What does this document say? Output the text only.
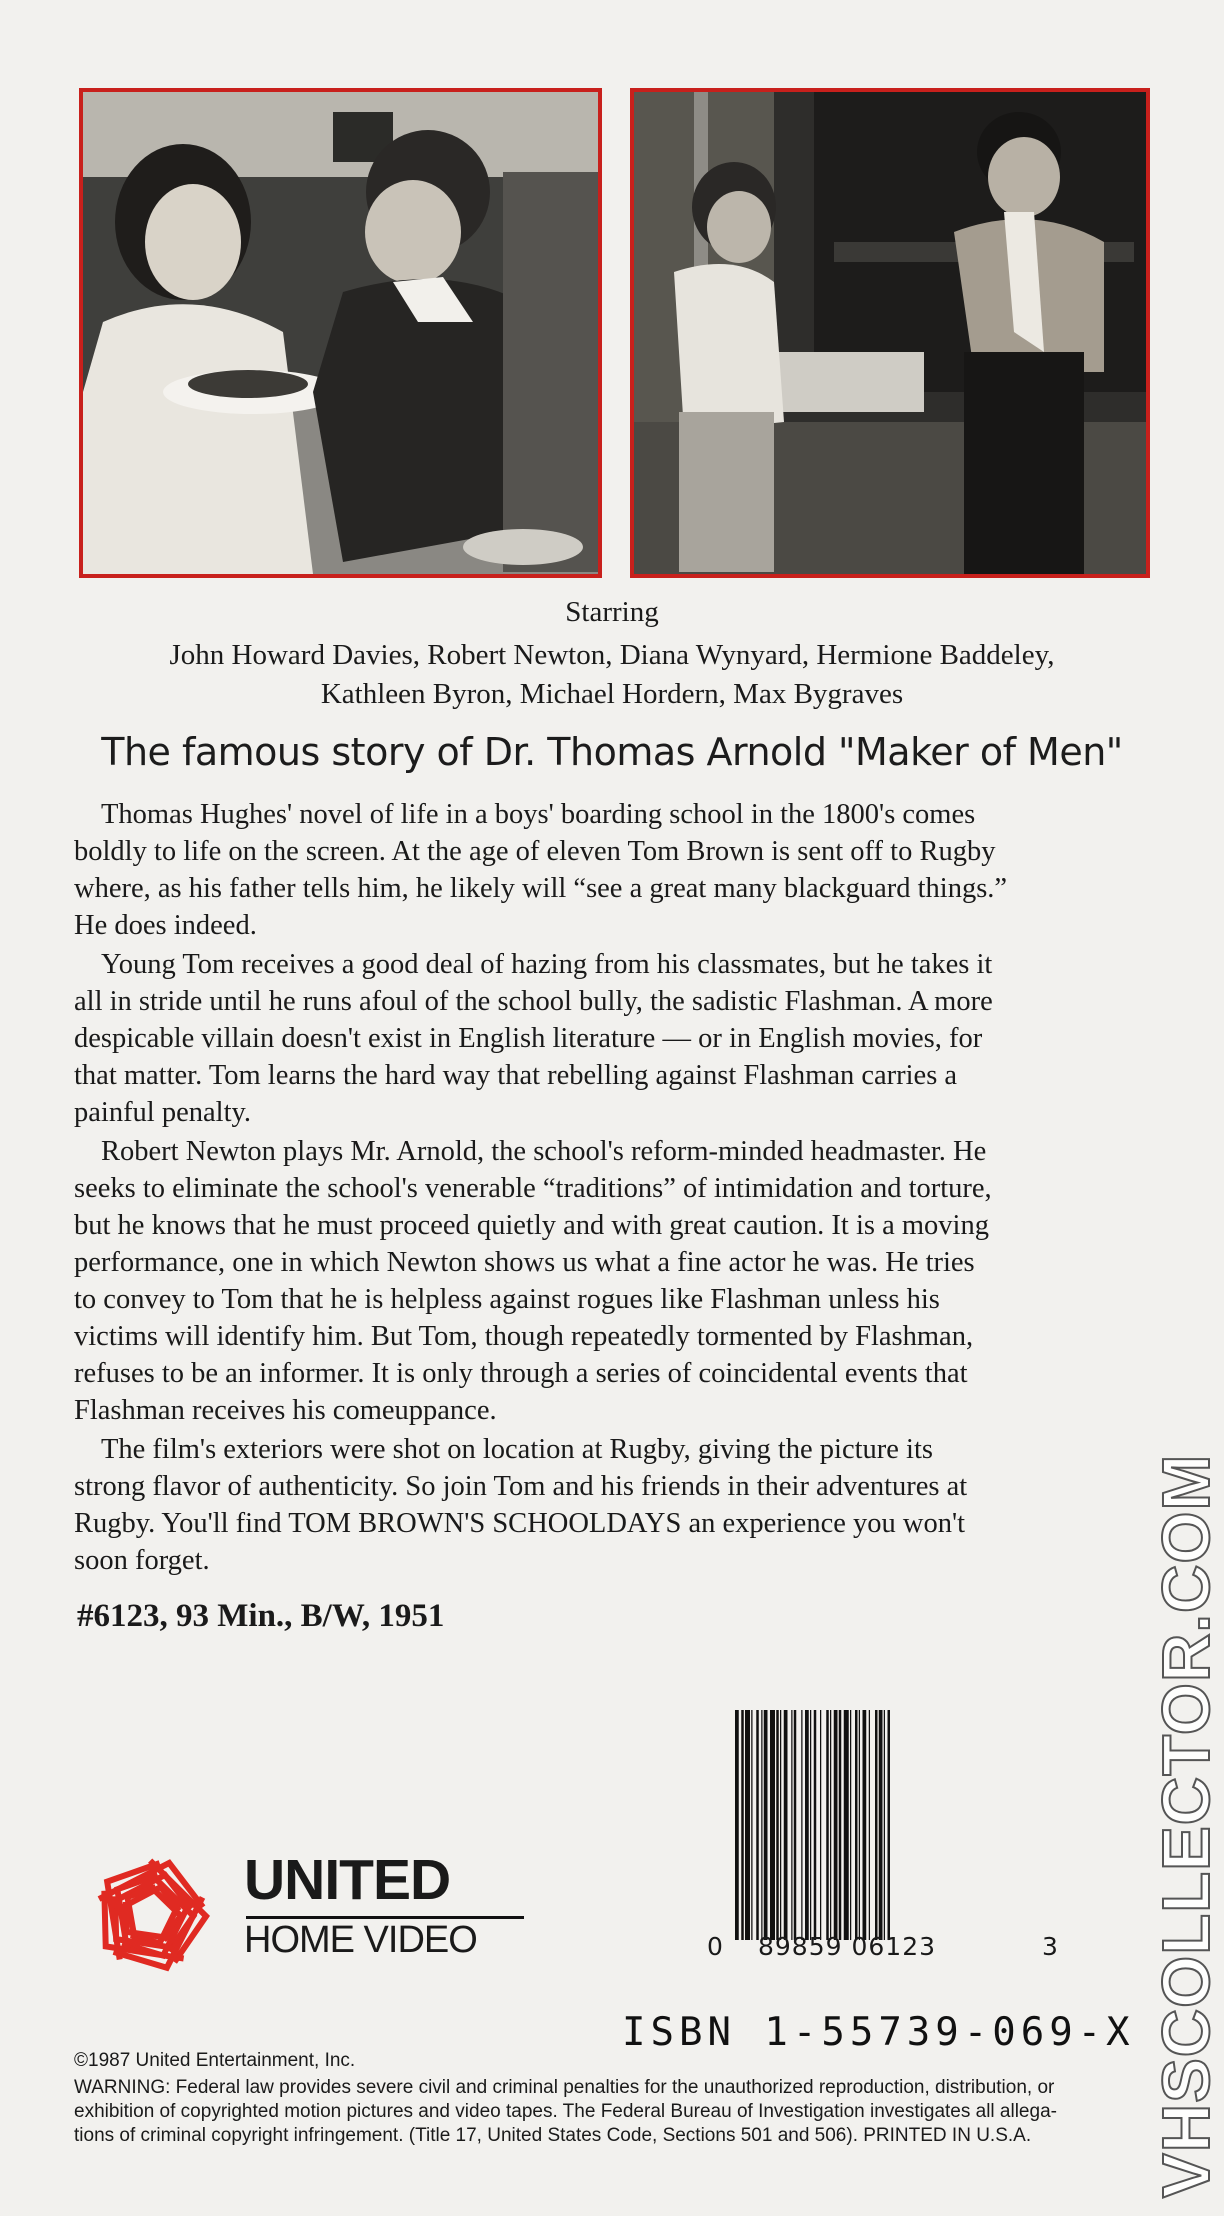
Starring
John Howard Davies, Robert Newton, Diana Wynyard, Hermione Baddeley,
Kathleen Byron, Michael Hordern, Max Bygraves
The famous story of Dr. Thomas Arnold "Maker of Men"

Thomas Hughes' novel of life in a boys' boarding school in the 1800's comes
boldly to life on the screen. At the age of eleven Tom Brown is sent off to Rugby
where, as his father tells him, he likely will “see a great many blackguard things.”
He does indeed.

Young Tom receives a good deal of hazing from his classmates, but he takes it
all in stride until he runs afoul of the school bully, the sadistic Flashman. A more
despicable villain doesn't exist in English literature — or in English movies, for
that matter. Tom learns the hard way that rebelling against Flashman carries a
painful penalty.

Robert Newton plays Mr. Arnold, the school's reform-minded headmaster. He
seeks to eliminate the school's venerable “traditions” of intimidation and torture,
but he knows that he must proceed quietly and with great caution. It is a moving
performance, one in which Newton shows us what a fine actor he was. He tries
to convey to Tom that he is helpless against rogues like Flashman unless his
victims will identify him. But Tom, though repeatedly tormented by Flashman,
refuses to be an informer. It is only through a series of coincidental events that
Flashman receives his comeuppance.

The film's exteriors were shot on location at Rugby, giving the picture its
strong flavor of authenticity. So join Tom and his friends in their adventures at
Rugby. You'll find TOM BROWN'S SCHOOLDAYS an experience you won't
soon forget.

#6123, 93 Min., B/W, 1951
UNITED
HOME VIDEO	0 89859 06123	3
ISBN 1-55739-069-X
©1987 United Entertainment, Inc.
WARNING: Federal law provides severe civil and criminal penalties for the unauthorized reproduction, distribution, or
exhibition of copyrighted motion pictures and video tapes. The Federal Bureau of Investigation investigates all allega-
tions of criminal copyright infringement. (Title 17, United States Code, Sections 501 and 506). PRINTED IN U.S.A.	VHSCOLLECTOR.COM
